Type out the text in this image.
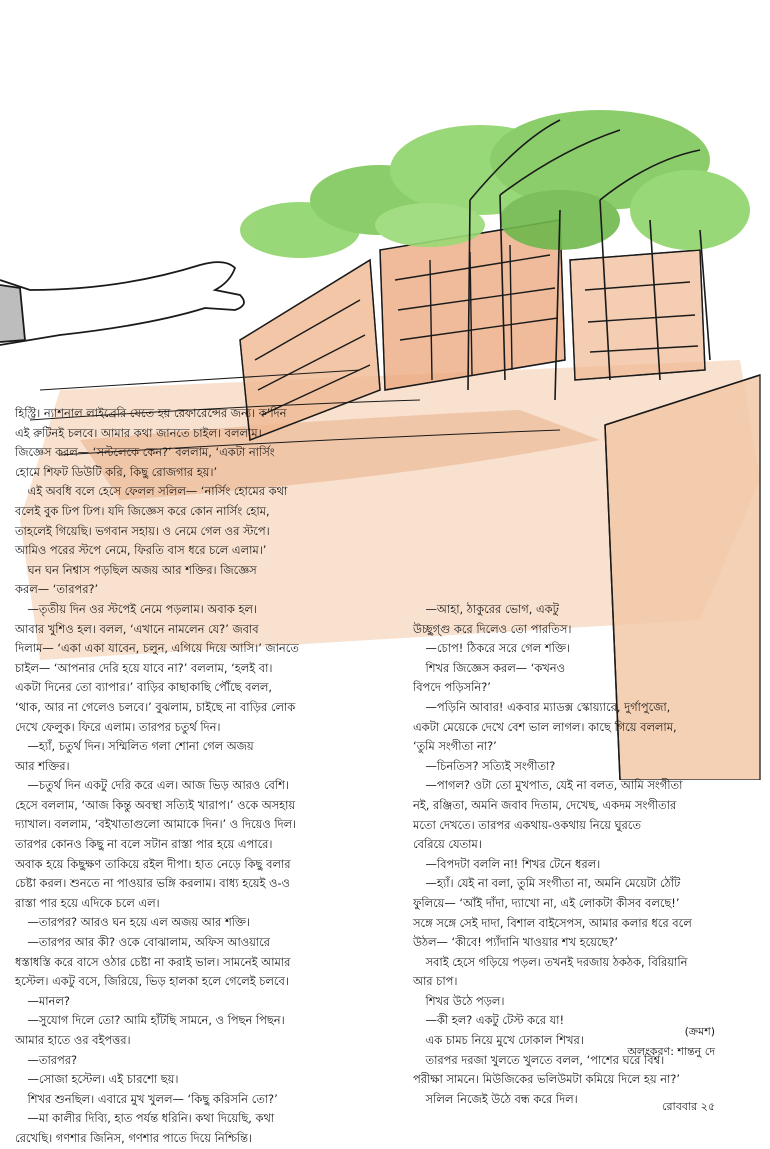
হিস্ট্রি। ন্যাশনাল লাইব্রেরি যেতে হয় রেফারেন্সের জন্য। ক’দিন

এই রুটিনই চলবে। আমার কথা জানতে চাইল। বললাম।

জিজ্ঞেস করল— ‘সল্টলেকে কেন?’ বললাম, ‘একটা নার্সিং

হোমে শিফট ডিউটি করি, কিছু রোজগার হয়।’

এই অবধি বলে হেসে ফেলল সলিল— ‘নার্সিং হোমের কথা

বলেই বুক ঢিপ ঢিপ। যদি জিজ্ঞেস করে কোন নার্সিং হোম,

তাহলেই গিয়েছি। ভগবান সহায়। ও নেমে গেল ওর স্টপে।

আমিও পরের স্টপে নেমে, ফিরতি বাস ধরে চলে এলাম।’

ঘন ঘন নিশ্বাস পড়ছিল অজয় আর শক্তির। জিজ্ঞেস

করল— ‘তারপর?’

—তৃতীয় দিন ওর স্টপেই নেমে পড়লাম। অবাক হল।

আবার খুশিও হল। বলল, ‘এখানে নামলেন যে?’ জবাব

দিলাম— ‘একা একা যাবেন, চলুন, এগিয়ে দিয়ে আসি।’ জানতে

চাইল— ‘আপনার দেরি হয়ে যাবে না?’ বললাম, ‘হলই বা।

একটা দিনের তো ব্যাপার।’ বাড়ির কাছাকাছি পৌঁছে বলল,

‘থাক, আর না গেলেও চলবে।’ বুঝলাম, চাইছে না বাড়ির লোক

দেখে ফেলুক। ফিরে এলাম। তারপর চতুর্থ দিন।

—হ্যাঁ, চতুর্থ দিন। সম্মিলিত গলা শোনা গেল অজয়

আর শক্তির।

—চতুর্থ দিন একটু দেরি করে এল। আজ ভিড় আরও বেশি।

হেসে বললাম, ‘আজ কিন্তু অবস্থা সত্যিই খারাপ।’ ওকে অসহায়

দ্যাখাল। বললাম, ‘বইখাতাগুলো আমাকে দিন।’ ও দিয়েও দিল।

তারপর কোনও কিছু না বলে সটান রাস্তা পার হয়ে এপারে।

অবাক হয়ে কিছুক্ষণ তাকিয়ে রইল দীপা। হাত নেড়ে কিছু বলার

চেষ্টা করল। শুনতে না পাওয়ার ভঙ্গি করলাম। বাধ্য হয়েই ও-ও

রাস্তা পার হয়ে এদিকে চলে এল।

—তারপর? আরও ঘন হয়ে এল অজয় আর শক্তি।

—তারপর আর কী? ওকে বোঝালাম, অফিস আওয়ারে

ধস্তাধস্তি করে বাসে ওঠার চেষ্টা না করাই ভাল। সামনেই আমার

হস্টেল। একটু বসে, জিরিয়ে, ভিড় হালকা হলে গেলেই চলবে।

—মানল?

—সুযোগ দিলে তো? আমি হাঁটছি সামনে, ও পিছন পিছন।

আমার হাতে ওর বইপত্তর।

—তারপর?

—সোজা হস্টেল। এই চারশো ছয়।

শিখর শুনছিল। এবারে মুখ খুলল— ‘কিছু করিসনি তো?’

—মা কালীর দিব্যি, হাত পর্যন্ত ধরিনি। কথা দিয়েছি, কথা

রেখেছি। গণশার জিনিস, গণশার পাতে দিয়ে নিশ্চিন্তি।

—আহা, ঠাকুরের ভোগ, একটু

উচ্ছুগ্গু করে দিলেও তো পারতিস।

—চোপ! ঠিকরে সরে গেল শক্তি।

শিখর জিজ্ঞেস করল— ‘কখনও

বিপদে পড়িসনি?’

—পড়িনি আবার! একবার ম্যাডক্স স্কোয়্যারে, দুর্গাপুজো,

একটা মেয়েকে দেখে বেশ ভাল লাগল। কাছে গিয়ে বললাম,

‘তুমি সংগীতা না?’

—চিনতিস? সত্যিই সংগীতা?

—পাগল? ওটা তো মুখপাত, যেই না বলত, আমি সংগীতা

নই, রঞ্জিতা, অমনি জবাব দিতাম, দেখেছ, একদম সংগীতার

মতো দেখতে। তারপর একথায়-ওকথায় নিয়ে ঘুরতে

বেরিয়ে যেতাম।

—বিপদটা বললি না! শিখর টেনে ধরল।

—হ্যাঁ। যেই না বলা, তুমি সংগীতা না, অমনি মেয়েটা ঠোঁট

ফুলিয়ে— ‘আঁই দাঁদা, দ্যাখো না, এই লোকটা কীসব বলছে!’

সঙ্গে সঙ্গে সেই দাদা, বিশাল বাইসেপস, আমার কলার ধরে বলে

উঠল— ‘কীবে! প্যাঁদানি খাওয়ার শখ হয়েছে?’

সবাই হেসে গড়িয়ে পড়ল। তখনই দরজায় ঠকঠক, বিরিয়ানি

আর চাপ।

শিখর উঠে পড়ল।

—কী হল? একটু টেস্ট করে যা!

এক চামচ নিয়ে মুখে ঢোকাল শিখর।

তারপর দরজা খুলতে খুলতে বলল, ‘পাশের ঘরে বিশ্ব।

পরীক্ষা সামনে। মিউজিকের ভলিউমটা কমিয়ে দিলে হয় না?’

সলিল নিজেই উঠে বন্ধ করে দিল।

(ক্রমশ)
অলংকরণ: শান্তনু দে
রোববার ২৫
